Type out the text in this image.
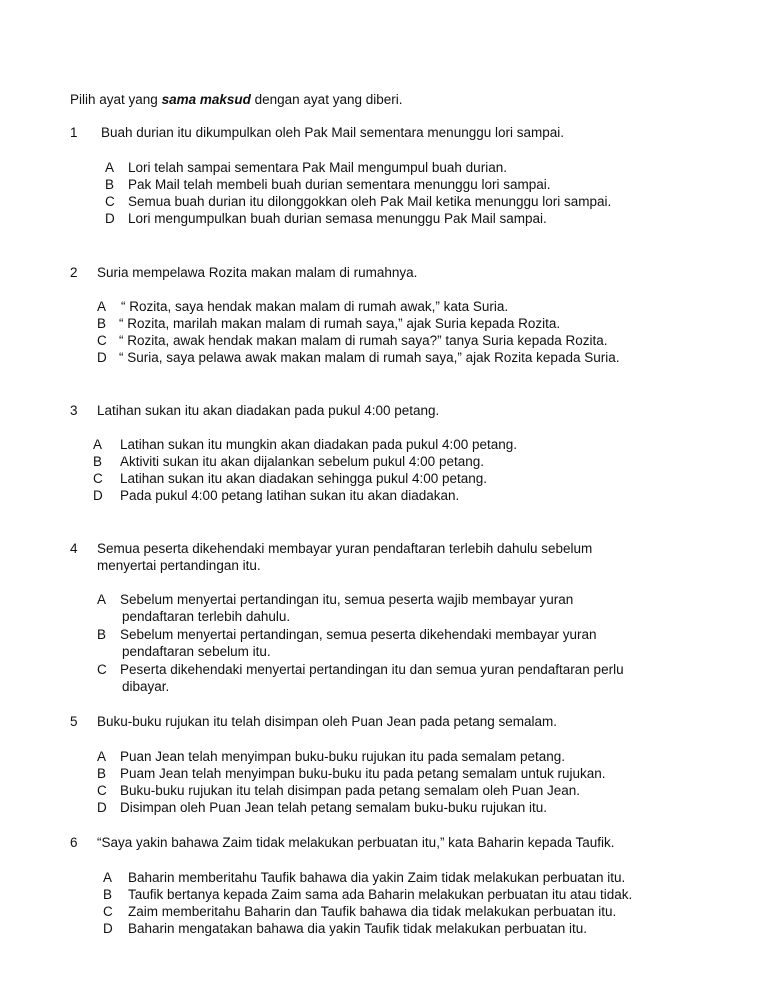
Pilih ayat yang sama maksud dengan ayat yang diberi.
1 Buah durian itu dikumpulkan oleh Pak Mail sementara menunggu lori sampai.
A Lori telah sampai sementara Pak Mail mengumpul buah durian.
B Pak Mail telah membeli buah durian sementara menunggu lori sampai.
C Semua buah durian itu dilonggokkan oleh Pak Mail ketika menunggu lori sampai.
D Lori mengumpulkan buah durian semasa menunggu Pak Mail sampai.
2 Suria mempelawa Rozita makan malam di rumahnya.
A “ Rozita, saya hendak makan malam di rumah awak,” kata Suria.
B “ Rozita, marilah makan malam di rumah saya,” ajak Suria kepada Rozita.
C “ Rozita, awak hendak makan malam di rumah saya?” tanya Suria kepada Rozita.
D “ Suria, saya pelawa awak makan malam di rumah saya,” ajak Rozita kepada Suria.
3 Latihan sukan itu akan diadakan pada pukul 4:00 petang.
A Latihan sukan itu mungkin akan diadakan pada pukul 4:00 petang.
B Aktiviti sukan itu akan dijalankan sebelum pukul 4:00 petang.
C Latihan sukan itu akan diadakan sehingga pukul 4:00 petang.
D Pada pukul 4:00 petang latihan sukan itu akan diadakan.
4 Semua peserta dikehendaki membayar yuran pendaftaran terlebih dahulu sebelum
menyertai pertandingan itu.
A Sebelum menyertai pertandingan itu, semua peserta wajib membayar yuran
pendaftaran terlebih dahulu.
B Sebelum menyertai pertandingan, semua peserta dikehendaki membayar yuran
pendaftaran sebelum itu.
C Peserta dikehendaki menyertai pertandingan itu dan semua yuran pendaftaran perlu
dibayar.
5 Buku-buku rujukan itu telah disimpan oleh Puan Jean pada petang semalam.
A Puan Jean telah menyimpan buku-buku rujukan itu pada semalam petang.
B Puam Jean telah menyimpan buku-buku itu pada petang semalam untuk rujukan.
C Buku-buku rujukan itu telah disimpan pada petang semalam oleh Puan Jean.
D Disimpan oleh Puan Jean telah petang semalam buku-buku rujukan itu.
6 “Saya yakin bahawa Zaim tidak melakukan perbuatan itu,” kata Baharin kepada Taufik.
A Baharin memberitahu Taufik bahawa dia yakin Zaim tidak melakukan perbuatan itu.
B Taufik bertanya kepada Zaim sama ada Baharin melakukan perbuatan itu atau tidak.
C Zaim memberitahu Baharin dan Taufik bahawa dia tidak melakukan perbuatan itu.
D Baharin mengatakan bahawa dia yakin Taufik tidak melakukan perbuatan itu.
